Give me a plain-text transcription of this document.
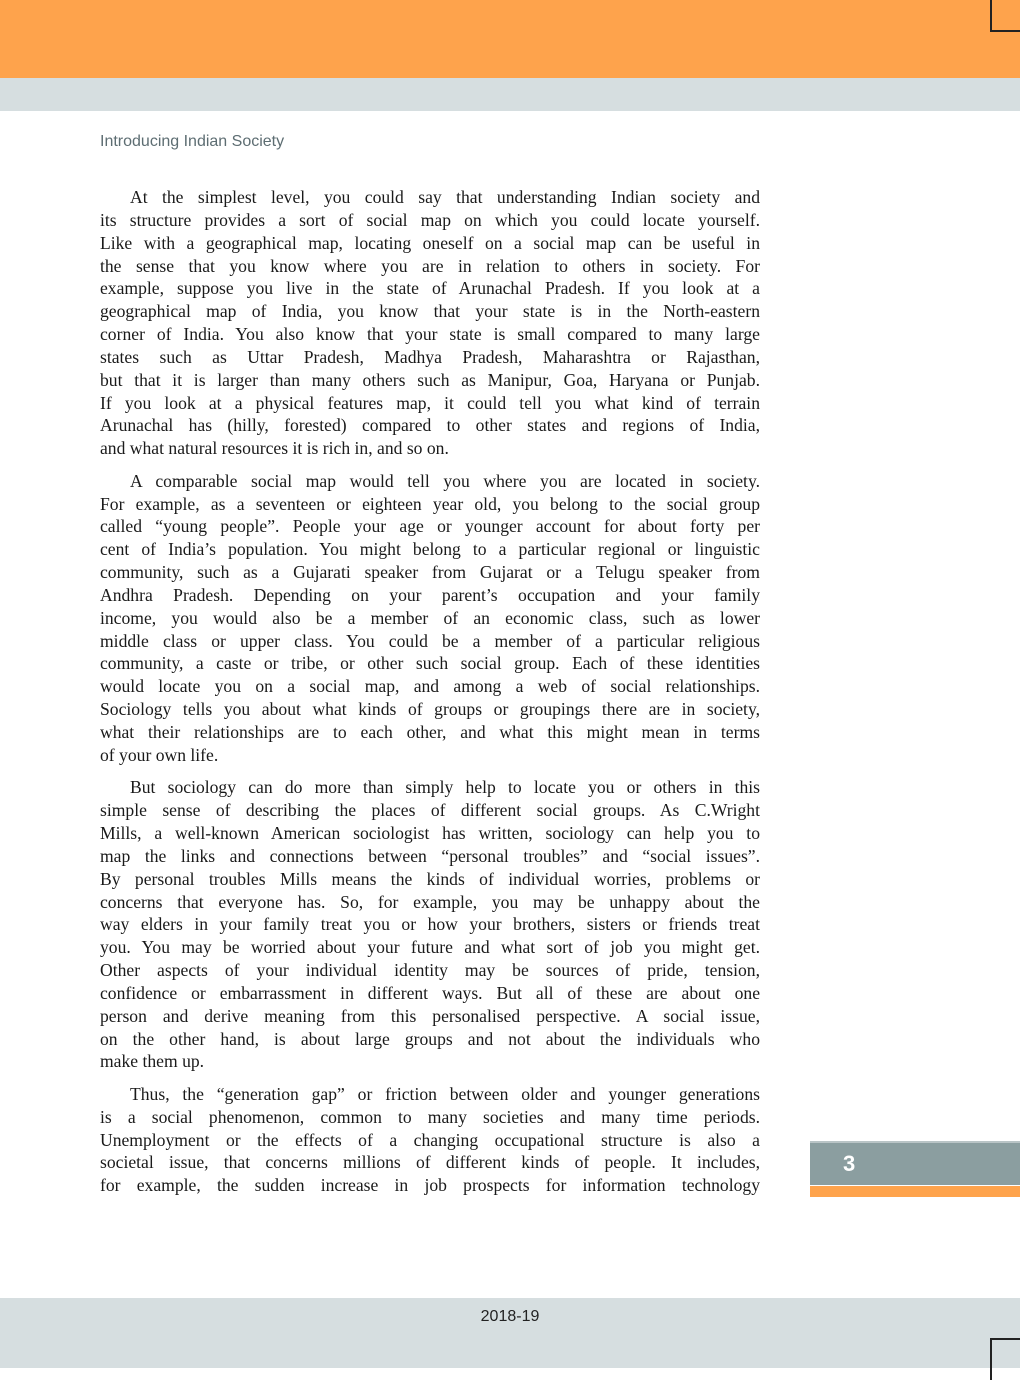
Introducing Indian Society
At the simplest level, you could say that understanding Indian society and
its structure provides a sort of social map on which you could locate yourself.
Like with a geographical map, locating oneself on a social map can be useful in
the sense that you know where you are in relation to others in society. For
example, suppose you live in the state of Arunachal Pradesh. If you look at a
geographical map of India, you know that your state is in the North-eastern
corner of India. You also know that your state is small compared to many large
states such as Uttar Pradesh, Madhya Pradesh, Maharashtra or Rajasthan,
but that it is larger than many others such as Manipur, Goa, Haryana or Punjab.
If you look at a physical features map, it could tell you what kind of terrain
Arunachal has (hilly, forested) compared to other states and regions of India,
and what natural resources it is rich in, and so on.
A comparable social map would tell you where you are located in society.
For example, as a seventeen or eighteen year old, you belong to the social group
called “young people”. People your age or younger account for about forty per
cent of India’s population. You might belong to a particular regional or linguistic
community, such as a Gujarati speaker from Gujarat or a Telugu speaker from
Andhra Pradesh. Depending on your parent’s occupation and your family
income, you would also be a member of an economic class, such as lower
middle class or upper class. You could be a member of a particular religious
community, a caste or tribe, or other such social group. Each of these identities
would locate you on a social map, and among a web of social relationships.
Sociology tells you about what kinds of groups or groupings there are in society,
what their relationships are to each other, and what this might mean in terms
of your own life.
But sociology can do more than simply help to locate you or others in this
simple sense of describing the places of different social groups. As C.Wright
Mills, a well-known American sociologist has written, sociology can help you to
map the links and connections between “personal troubles” and “social issues”.
By personal troubles Mills means the kinds of individual worries, problems or
concerns that everyone has. So, for example, you may be unhappy about the
way elders in your family treat you or how your brothers, sisters or friends treat
you. You may be worried about your future and what sort of job you might get.
Other aspects of your individual identity may be sources of pride, tension,
confidence or embarrassment in different ways. But all of these are about one
person and derive meaning from this personalised perspective. A social issue,
on the other hand, is about large groups and not about the individuals who
make them up.
Thus, the “generation gap” or friction between older and younger generations
is a social phenomenon, common to many societies and many time periods.
Unemployment or the effects of a changing occupational structure is also a
societal issue, that concerns millions of different kinds of people. It includes,
for example, the sudden increase in job prospects for information technology
3
2018-19
